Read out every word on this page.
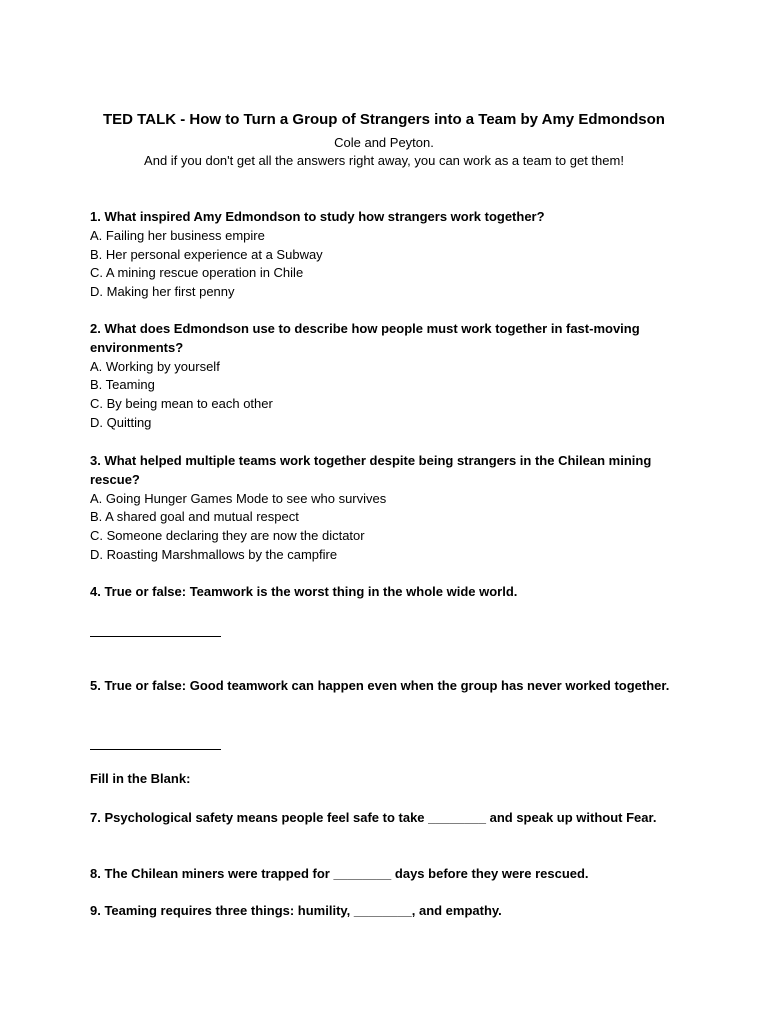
TED TALK - How to Turn a Group of Strangers into a Team by Amy Edmondson
Cole and Peyton.
And if you don't get all the answers right away, you can work as a team to get them!

1. What inspired Amy Edmondson to study how strangers work together?

A. Failing her business empire

B. Her personal experience at a Subway

C. A mining rescue operation in Chile

D. Making her first penny

2. What does Edmondson use to describe how people must work together in fast-moving environments?

A. Working by yourself

B. Teaming

C. By being mean to each other

D. Quitting

3. What helped multiple teams work together despite being strangers in the Chilean mining rescue?

A. Going Hunger Games Mode to see who survives

B. A shared goal and mutual respect

C. Someone declaring they are now the dictator

D. Roasting Marshmallows by the campfire

4. True or false: Teamwork is the worst thing in the whole wide world.

5. True or false: Good teamwork can happen even when the group has never worked together.

Fill in the Blank:

7. Psychological safety means people feel safe to take ________ and speak up without Fear.

8. The Chilean miners were trapped for ________ days before they were rescued.

9. Teaming requires three things: humility, ________, and empathy.
